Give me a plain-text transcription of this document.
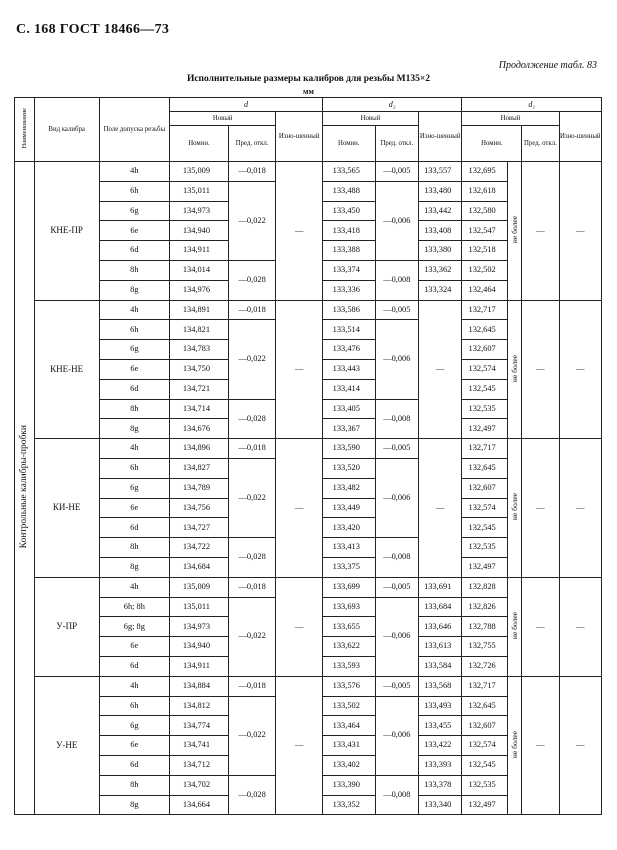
С. 168 ГОСТ 18466—73
Продолжение табл. 83
Исполнительные размеры калибров для резьбы М135×2
мм
Наименование	Вид калибра	Поле допуска резьбы	d			d₂			d₁			
			Новый		Изно-шенный	Новый		Изно-шенный	Новый			Изно-шенный
			Номин.	Пред. откл.		Номин.	Пред. откл.		Номин.		Пред. откл.	
Контрольные калибры-пробки	КНЕ-ПР	4h	135,009	—0,018	—	133,565	—0,005	133,557	132,695	не более	—	—
		6h	135,011	—0,022		133,488	—0,006	133,480	132,618			
		6g	134,973			133,450		133,442	132,580			
		6e	134,940			133,418		133,408	132,547			
		6d	134,911			133,388		133,380	132,518			
		8h	134,014	—0,028		133,374	—0,008	133,362	132,502			
		8g	134,976			133,336		133,324	132,464			
	КНЕ-НЕ	4h	134,891	—0,018	—	133,586	—0,005	—	132,717	не более	—	—
		6h	134,821	—0,022		133,514	—0,006		132,645			
		6g	134,783			133,476			132,607			
		6e	134,750			133,443			132,574			
		6d	134,721			133,414			132,545			
		8h	134,714	—0,028		133,405	—0,008		132,535			
		8g	134,676			133,367			132,497			
	КИ-НЕ	4h	134,896	—0,018	—	133,590	—0,005	—	132,717	не более	—	—
		6h	134,827	—0,022		133,520	—0,006		132,645			
		6g	134,789			133,482			132,607			
		6e	134,756			133,449			132,574			
		6d	134,727			133,420			132,545			
		8h	134,722	—0,028		133,413	—0,008		132,535			
		8g	134,684			133,375			132,497			
	У-ПР	4h	135,009	—0,018	—	133,699	—0,005	133,691	132,828	не более	—	—
		6h; 8h	135,011	—0,022		133,693	—0,006	133,684	132,826			
		6g; 8g	134,973			133,655		133,646	132,788			
		6e	134,940			133,622		133,613	132,755			
		6d	134,911			133,593		133,584	132,726			
	У-НЕ	4h	134,884	—0,018	—	133,576	—0,005	133,568	132,717	не более	—	—
		6h	134,812	—0,022		133,502	—0,006	133,493	132,645			
		6g	134,774			133,464		133,455	132,607			
		6e	134,741			133,431		133,422	132,574			
		6d	134,712			133,402		133,393	132,545			
		8h	134,702	—0,028		133,390	—0,008	133,378	132,535			
		8g	134,664			133,352		133,340	132,497			
